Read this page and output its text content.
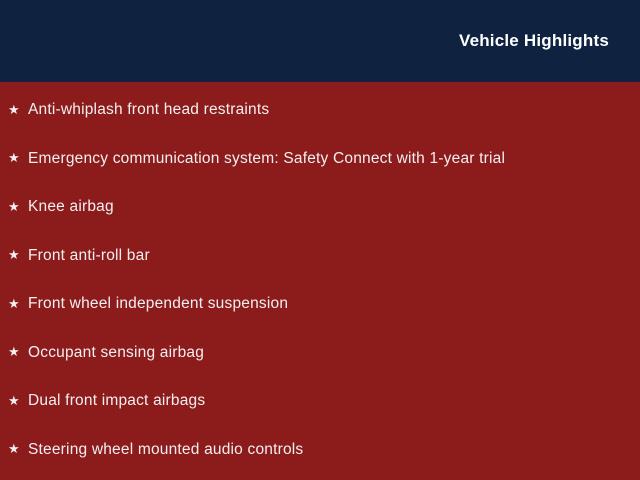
Vehicle Highlights
★ Anti-whiplash front head restraints
★ Emergency communication system: Safety Connect with 1-year trial
★ Knee airbag
★ Front anti-roll bar
★ Front wheel independent suspension
★ Occupant sensing airbag
★ Dual front impact airbags
★ Steering wheel mounted audio controls
